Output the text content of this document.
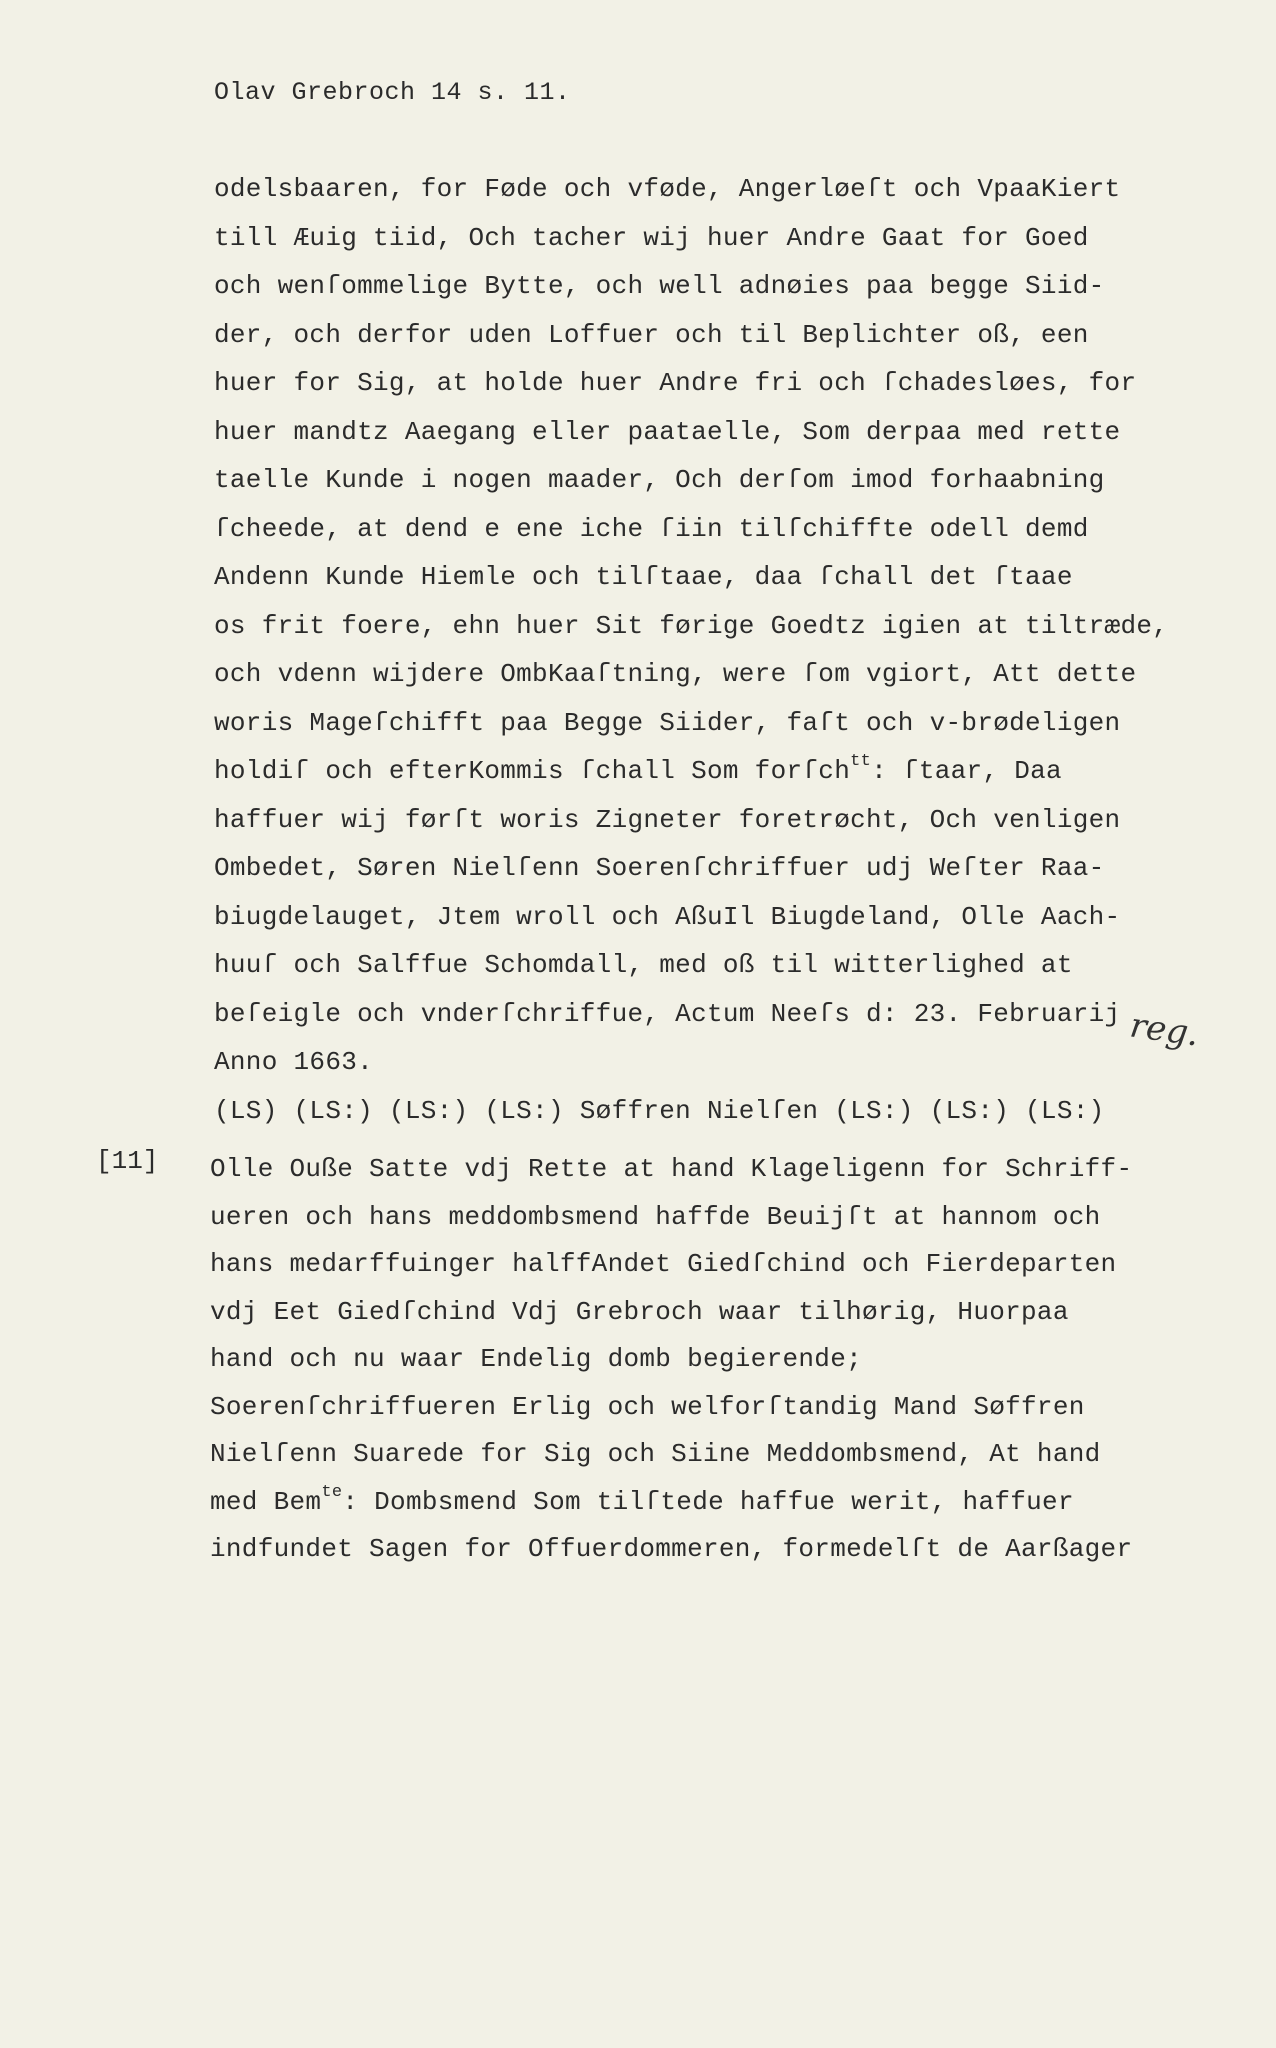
Olav Grebroch 14 s. 11.
odelsbaaren, for Føde och vføde, Angerløeſt och VpaaKiert
till Æuig tiid, Och tacher wij huer Andre Gaat for Goed
och wenſommelige Bytte, och well adnøies paa begge Siid-
der, och derfor uden Loffuer och til Beplichter oß, een
huer for Sig, at holde huer Andre fri och ſchadesløes, for
huer mandtz Aaegang eller paataelle, Som derpaa med rette
taelle Kunde i nogen maader, Och derſom imod forhaabning
ſcheede, at dend e ene iche ſiin tilſchiffte odell demd
Andenn Kunde Hiemle och tilſtaae, daa ſchall det ſtaae
os frit foere, ehn huer Sit førige Goedtz igien at tiltræde,
och vdenn wijdere OmbKaaſtning, were ſom vgiort, Att dette
woris Mageſchifft paa Begge Siider, faſt och v-brødeligen
holdiſ och efterKommis ſchall Som forſch$^{tt}$: ſtaar, Daa
haffuer wij førſt woris Zigneter foretrøcht, Och venligen
Ombedet, Søren Nielſenn Soerenſchriffuer udj Weſter Raa-
biugdelauget, Jtem wroll och AßuIl Biugdeland, Olle Aach-
huuſ och Salffue Schomdall, med oß til witterlighed at
beſeigle och vnderſchriffue, Actum Neeſs d: 23. Februarij
Anno 1663.
(LS) (LS:) (LS:) (LS:) Søffren Nielſen (LS:) (LS:) (LS:)
[11] Olle Ouße Satte vdj Rette at hand Klageligenn for Schriff-
ueren och hans meddombsmend haffde Beuijſt at hannom och
hans medarffuinger halffAndet Giedſchind och Fierdeparten
vdj Eet Giedſchind Vdj Grebroch waar tilhørig, Huorpaa
hand och nu waar Endelig domb begierende;
Soerenſchriffueren Erlig och welforſtandig Mand Søffren
Nielſenn Suarede for Sig och Siine Meddombsmend, At hand
med Bem$^{te}$: Dombsmend Som tilſtede haffue werit, haffuer
indfundet Sagen for Offuerdommeren, formedelſt de Aarßager
reg.
